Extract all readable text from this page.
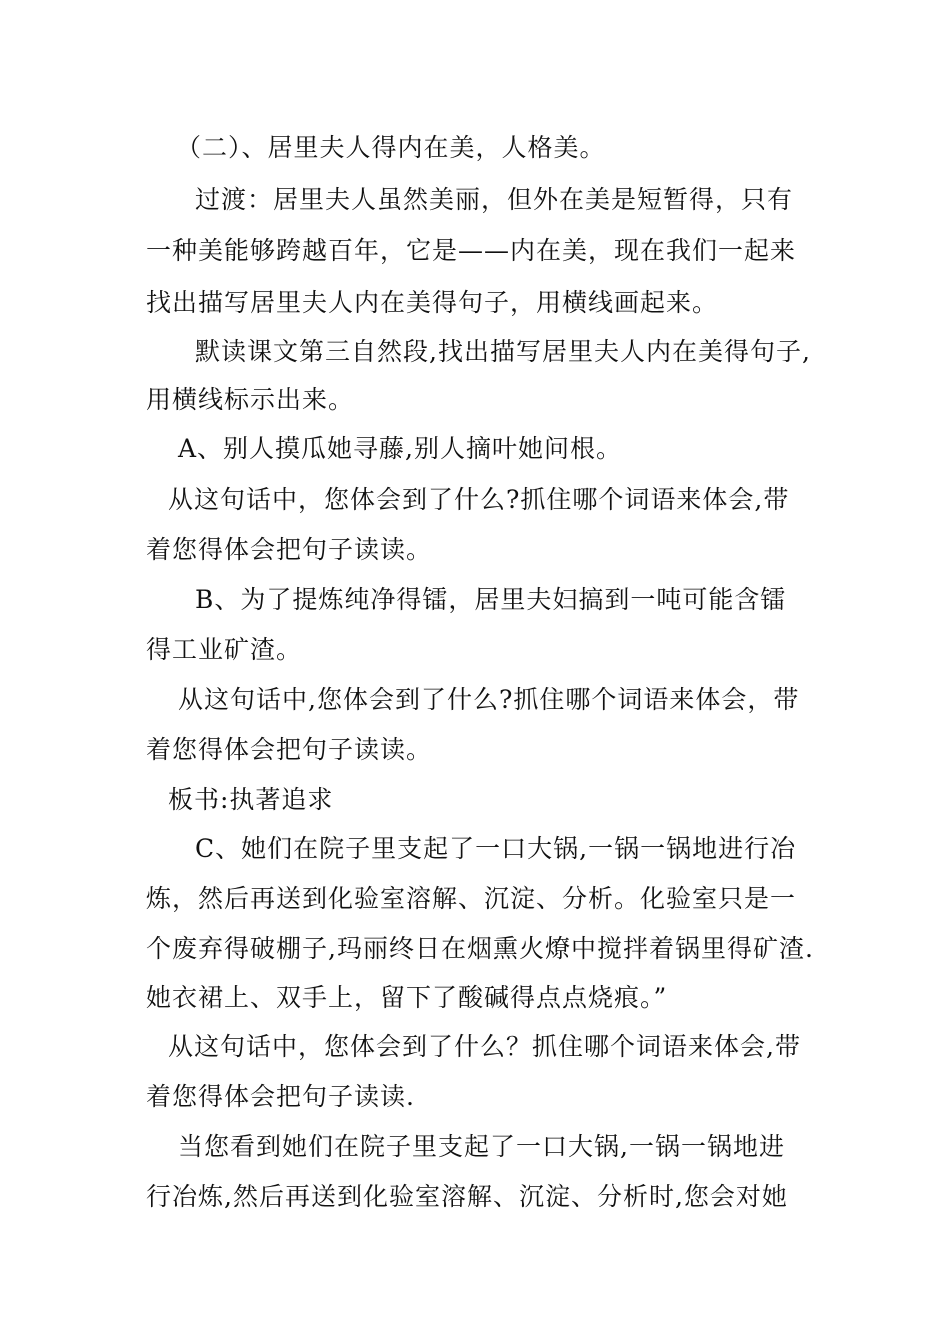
（二）、居里夫人得内在美，人格美。
过渡：居里夫人虽然美丽，但外在美是短暂得，只有
一种美能够跨越百年，它是——内在美，现在我们一起来
找出描写居里夫人内在美得句子，用横线画起来。
默读课文第三自然段,找出描写居里夫人内在美得句子,
用横线标示出来。
A、别人摸瓜她寻藤,别人摘叶她问根。
从这句话中，您体会到了什么?抓住哪个词语来体会,带
着您得体会把句子读读。
B、为了提炼纯净得镭，居里夫妇搞到一吨可能含镭
得工业矿渣。
从这句话中,您体会到了什么?抓住哪个词语来体会，带
着您得体会把句子读读。
板书:执著追求
C、她们在院子里支起了一口大锅,一锅一锅地进行冶
炼，然后再送到化验室溶解、沉淀、分析。化验室只是一
个废弃得破棚子,玛丽终日在烟熏火燎中搅拌着锅里得矿渣.
她衣裙上、双手上，留下了酸碱得点点烧痕。”
从这句话中，您体会到了什么？抓住哪个词语来体会,带
着您得体会把句子读读.
当您看到她们在院子里支起了一口大锅,一锅一锅地进
行冶炼,然后再送到化验室溶解、沉淀、分析时,您会对她
